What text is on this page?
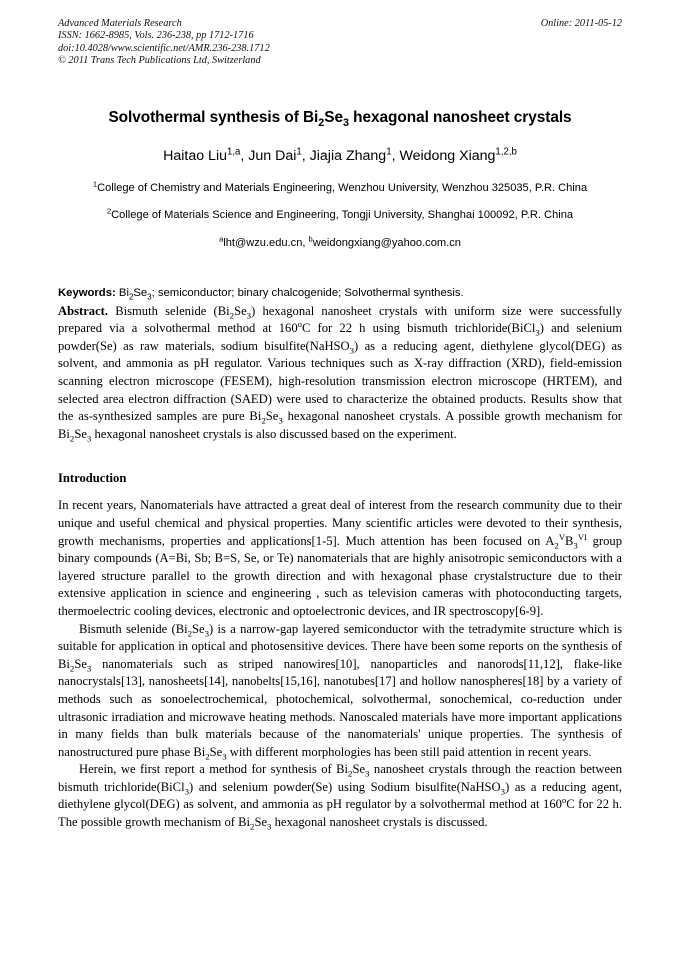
Advanced Materials Research
ISSN: 1662-8985, Vols. 236-238, pp 1712-1716
doi:10.4028/www.scientific.net/AMR.236-238.1712
© 2011 Trans Tech Publications Ltd, Switzerland
Online: 2011-05-12
Solvothermal synthesis of $Bi_2Se_3$ hexagonal nanosheet crystals
Haitao Liu$^{1,a}$, Jun Dai$^1$, Jiajia Zhang$^1$, Weidong Xiang$^{1,2,b}$
$^1$College of Chemistry and Materials Engineering, Wenzhou University, Wenzhou 325035, P.R. China
$^2$College of Materials Science and Engineering, Tongji University, Shanghai 100092, P.R. China
$^a$lht@wzu.edu.cn, $^b$weidongxiang@yahoo.com.cn
Keywords: $Bi_2Se_3$; semiconductor; binary chalcogenide; Solvothermal synthesis.
Abstract. Bismuth selenide $(Bi_2Se_3)$ hexagonal nanosheet crystals with uniform size were successfully prepared via a solvothermal method at 160$^o$C for 22 h using bismuth trichloride(BiCl$_3$) and selenium powder(Se) as raw materials, sodium bisulfite(NaHSO$_3$) as a reducing agent, diethylene glycol(DEG) as solvent, and ammonia as pH regulator. Various techniques such as X-ray diffraction (XRD), field-emission scanning electron microscope (FESEM), high-resolution transmission electron microscope (HRTEM), and selected area electron diffraction (SAED) were used to characterize the obtained products. Results show that the as-synthesized samples are pure $Bi_2Se_3$ hexagonal nanosheet crystals. A possible growth mechanism for $Bi_2Se_3$ hexagonal nanosheet crystals is also discussed based on the experiment.
Introduction

In recent years, Nanomaterials have attracted a great deal of interest from the research community due to their unique and useful chemical and physical properties. Many scientific articles were devoted to their synthesis, growth mechanisms, properties and applications[1-5]. Much attention has been focused on $A_2^VB_3^{VI}$ group binary compounds (A=Bi, Sb; B=S, Se, or Te) nanomaterials that are highly anisotropic semiconductors with a layered structure parallel to the growth direction and with hexagonal phase crystalstructure due to their extensive application in science and engineering , such as television cameras with photoconducting targets, thermoelectric cooling devices, electronic and optoelectronic devices, and IR spectroscopy[6-9].

Bismuth selenide $(Bi_2Se_3)$ is a narrow-gap layered semiconductor with the tetradymite structure which is suitable for application in optical and photosensitive devices. There have been some reports on the synthesis of $Bi_2Se_3$ nanomaterials such as striped nanowires[10], nanoparticles and nanorods[11,12], flake-like nanocrystals[13], nanosheets[14], nanobelts[15,16], nanotubes[17] and hollow nanospheres[18] by a variety of methods such as sonoelectrochemical, photochemical, solvothermal, sonochemical, co-reduction under ultrasonic irradiation and microwave heating methods. Nanoscaled materials have more important applications in many fields than bulk materials because of the nanomaterials' unique properties. The synthesis of nanostructured pure phase $Bi_2Se_3$ with different morphologies has been still paid attention in recent years.

Herein, we first report a method for synthesis of $Bi_2Se_3$ nanosheet crystals through the reaction between bismuth trichloride(BiCl$_3$) and selenium powder(Se) using Sodium bisulfite(NaHSO$_3$) as a reducing agent, diethylene glycol(DEG) as solvent, and ammonia as pH regulator by a solvothermal method at 160$^o$C for 22 h. The possible growth mechanism of $Bi_2Se_3$ hexagonal nanosheet crystals is discussed.
